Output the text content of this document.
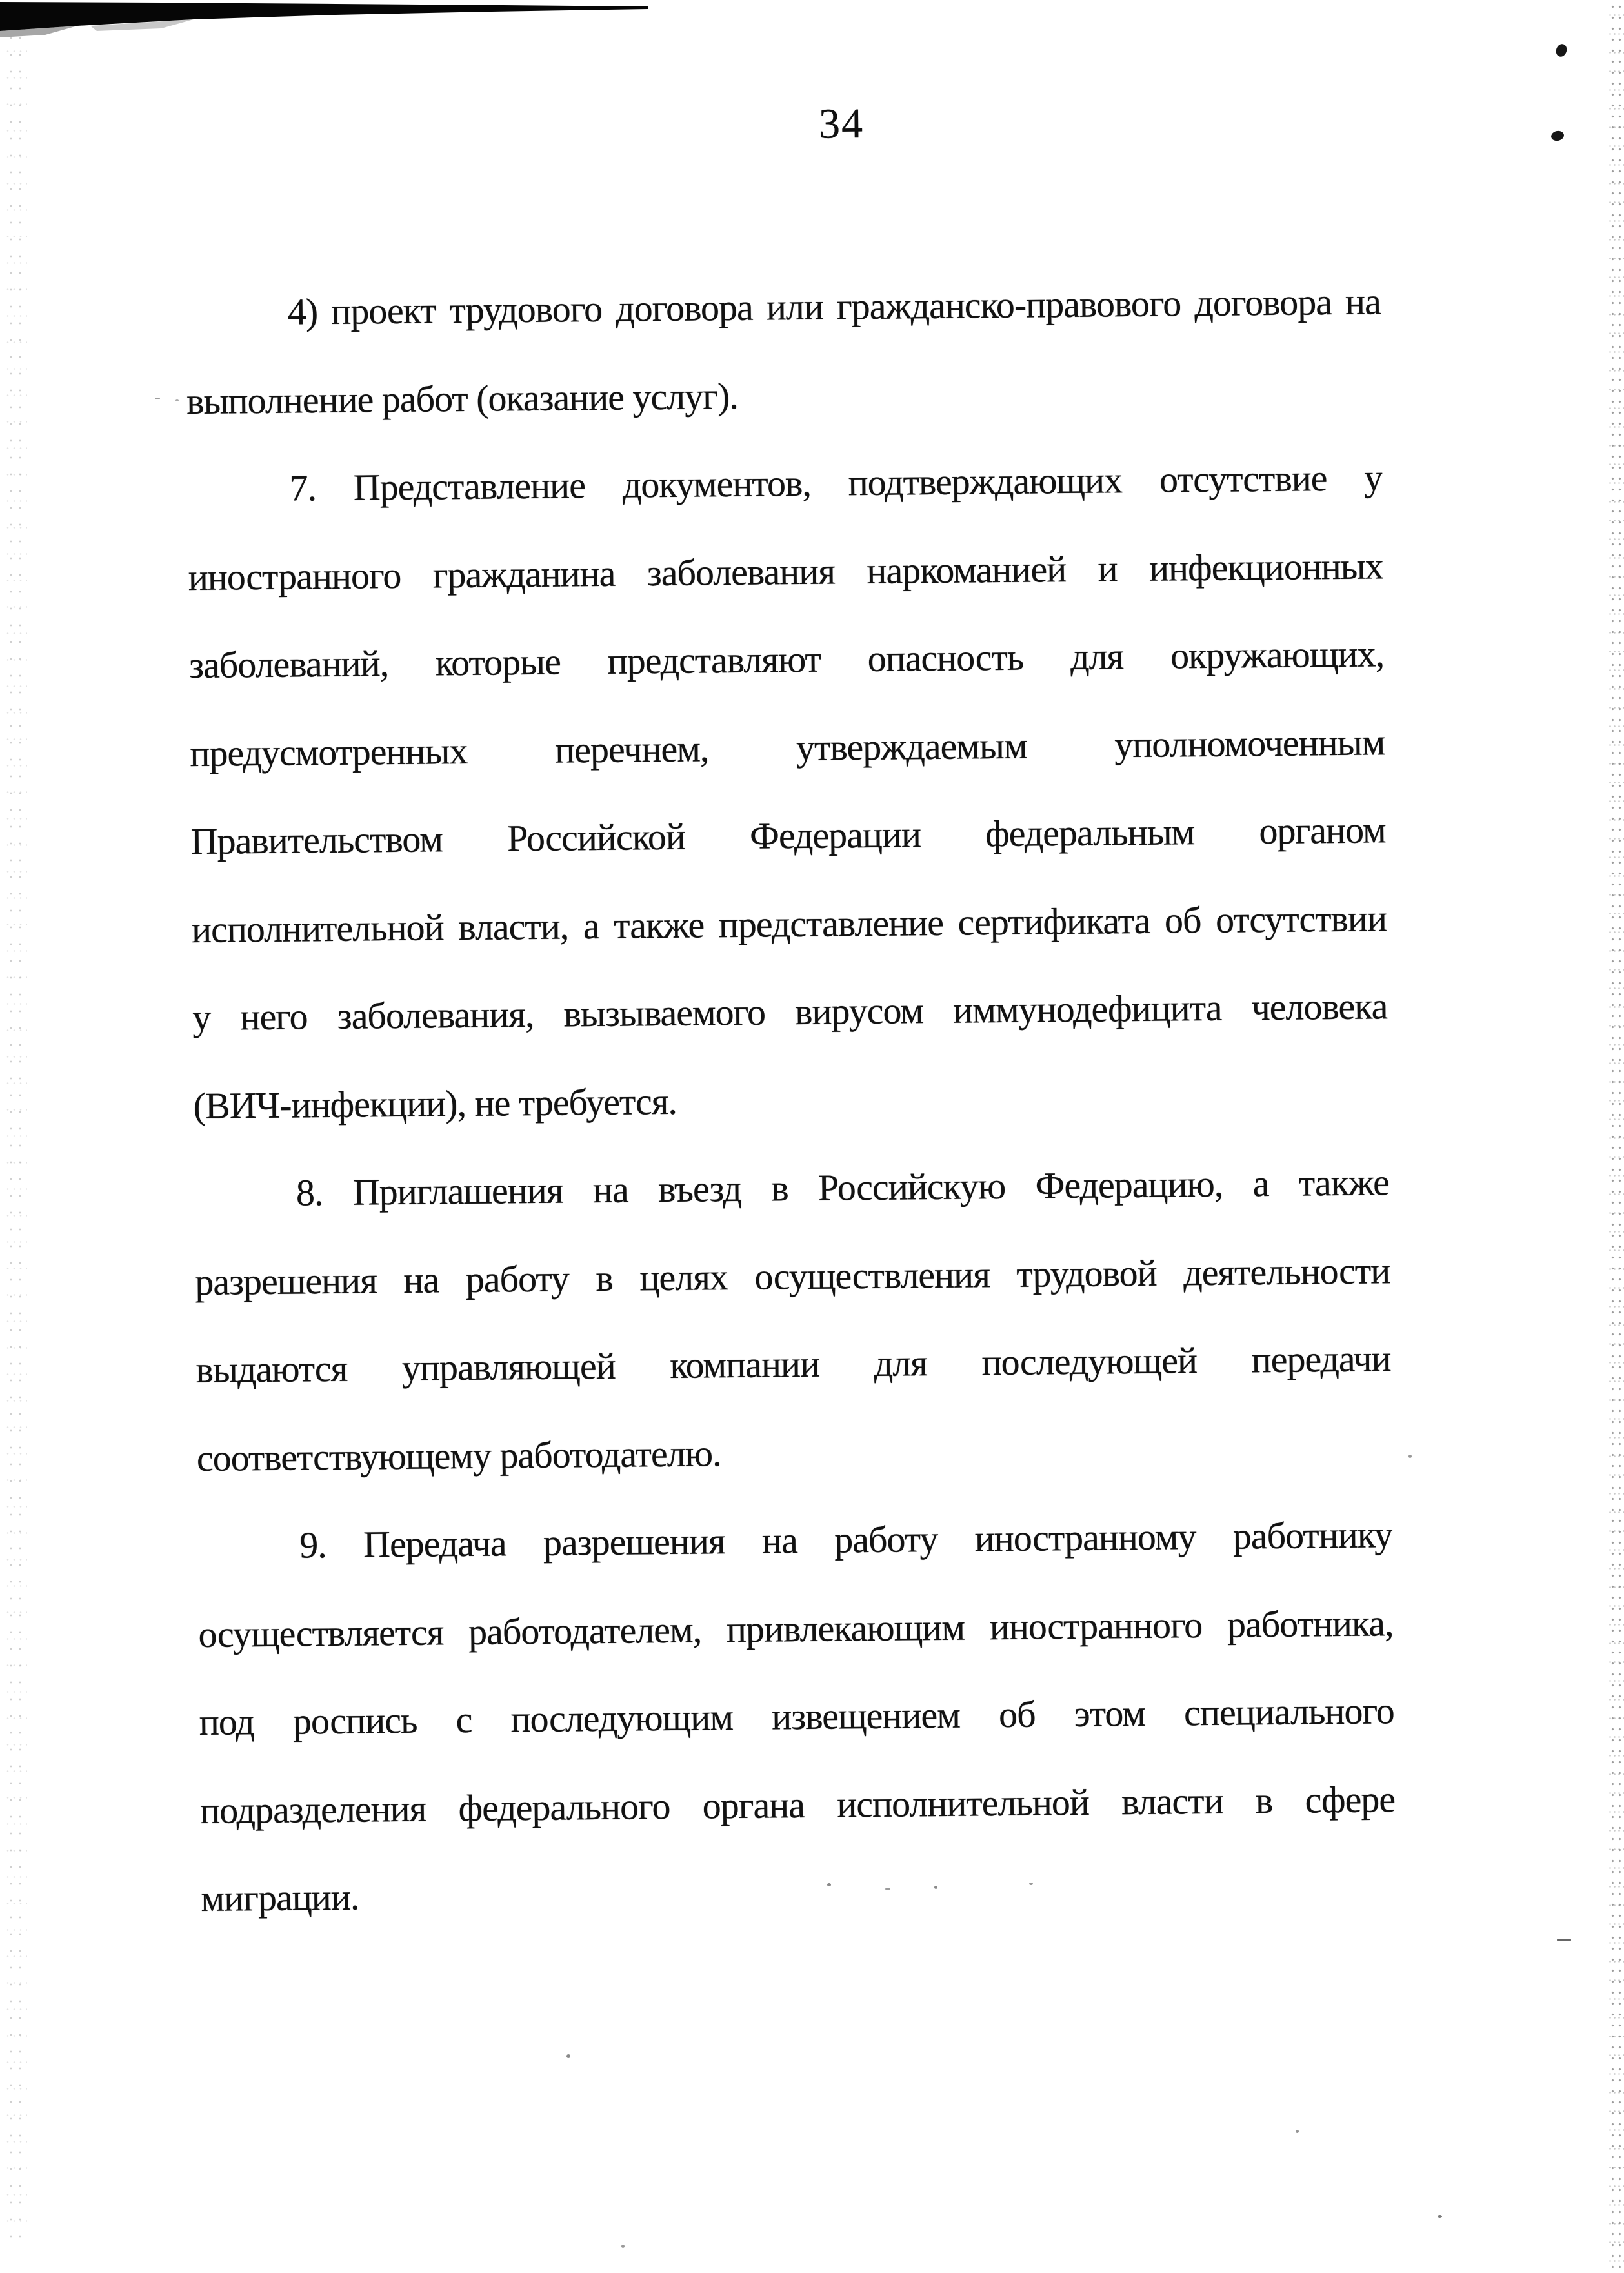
34
4) проект трудового договора или гражданско-правового договора на
выполнение работ (оказание услуг).
7. Представление документов, подтверждающих отсутствие у
иностранного гражданина заболевания наркоманией и инфекционных
заболеваний, которые представляют опасность для окружающих,
предусмотренных перечнем, утверждаемым уполномоченным
Правительством Российской Федерации федеральным органом
исполнительной власти, а также представление сертификата об отсутствии
у него заболевания, вызываемого вирусом иммунодефицита человека
(ВИЧ-инфекции), не требуется.
8. Приглашения на въезд в Российскую Федерацию, а также
разрешения на работу в целях осуществления трудовой деятельности
выдаются управляющей компании для последующей передачи
соответствующему работодателю.
9. Передача разрешения на работу иностранному работнику
осуществляется работодателем, привлекающим иностранного работника,
под роспись с последующим извещением об этом специального
подразделения федерального органа исполнительной власти в сфере
миграции.
